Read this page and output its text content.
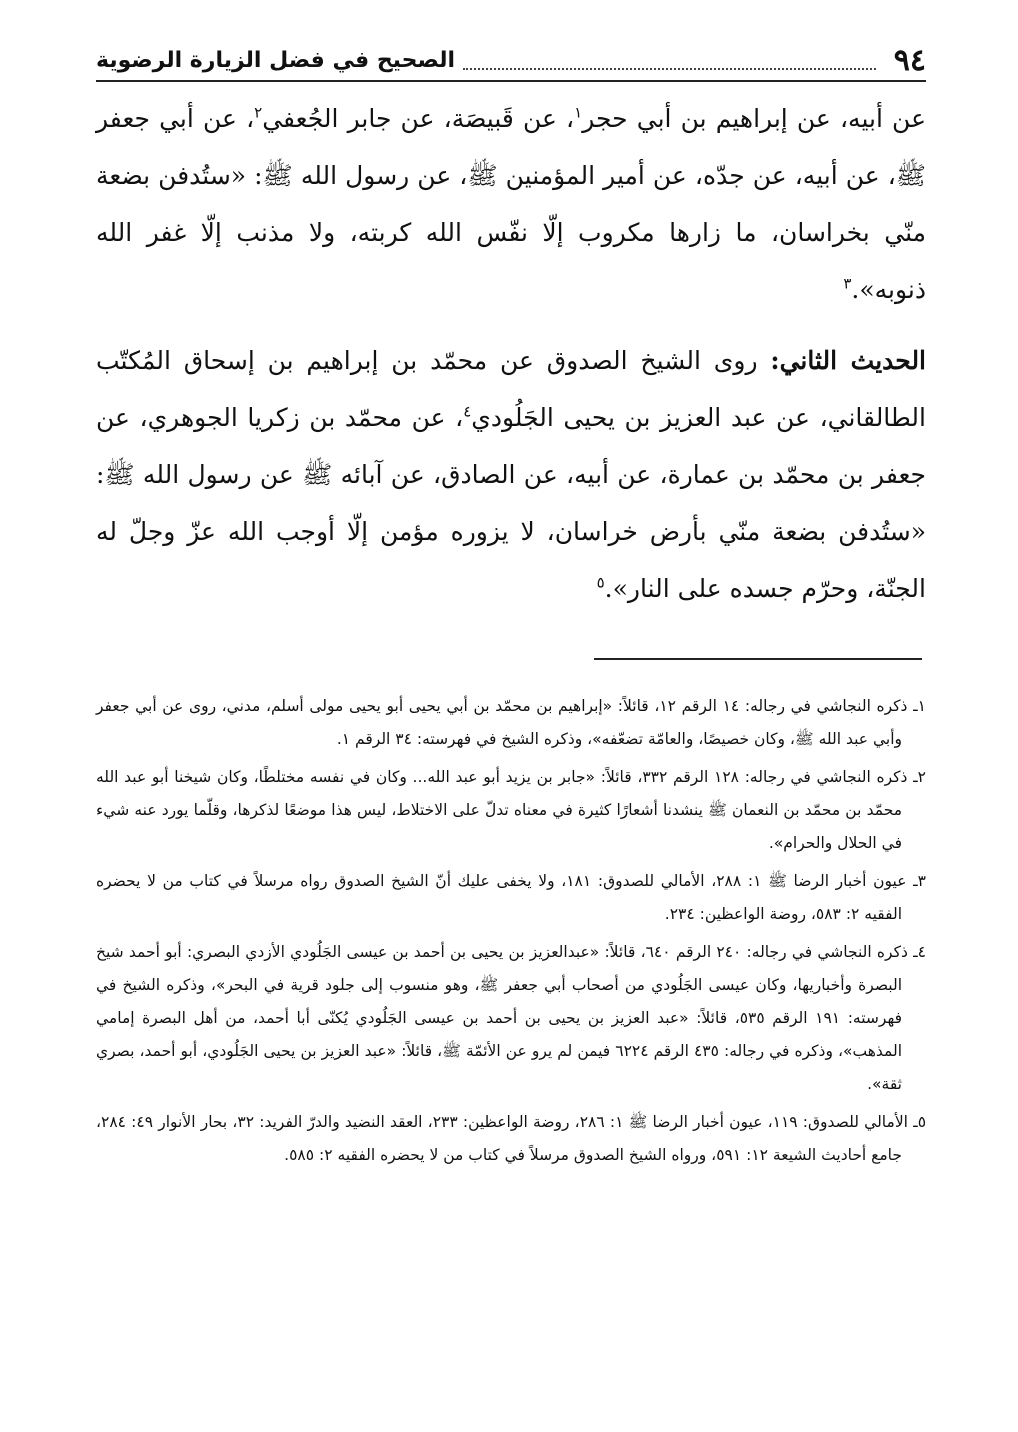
٩٤
الصحيح في فضل الزيارة الرضوية

عن أبيه، عن إبراهيم بن أبي حجر$^١$، عن قَبيصَة، عن جابر الجُعفي$^٢$، عن أبي جعفر ﷺ، عن أبيه، عن جدّه، عن أمير المؤمنين ﷺ، عن رسول الله ﷺ: «ستُدفن بضعة منّي بخراسان، ما زارها مكروب إلّا نفّس الله كربته، ولا مذنب إلّا غفر الله ذنوبه».$^٣$

الحديث الثاني: روى الشيخ الصدوق عن محمّد بن إبراهيم بن إسحاق المُكتّب الطالقاني، عن عبد العزيز بن يحيى الجَلُودي$^٤$، عن محمّد بن زكريا الجوهري، عن جعفر بن محمّد بن عمارة، عن أبيه، عن الصادق، عن آبائه ﷺ عن رسول الله ﷺ: «ستُدفن بضعة منّي بأرض خراسان، لا يزوره مؤمن إلّا أوجب الله عزّ وجلّ له الجنّة، وحرّم جسده على النار».$^٥$

١ـ ذكره النجاشي في رجاله: ١٤ الرقم ١٢، قائلاً: «إبراهيم بن محمّد بن أبي يحيى أبو يحيى مولى أسلم، مدني، روى عن أبي جعفر وأبي عبد الله ﷺ، وكان خصيصًا، والعامّة تضعّفه»، وذكره الشيخ في فهرسته: ٣٤ الرقم ١.

٢ـ ذكره النجاشي في رجاله: ١٢٨ الرقم ٣٣٢، قائلاً: «جابر بن يزيد أبو عبد الله... وكان في نفسه مختلطًا، وكان شيخنا أبو عبد الله محمّد بن محمّد بن النعمان ﷺ ينشدنا أشعارًا كثيرة في معناه تدلّ على الاختلاط، ليس هذا موضعًا لذكرها، وقلّما يورد عنه شيء في الحلال والحرام».

٣ـ عيون أخبار الرضا ﷺ ١: ٢٨٨، الأمالي للصدوق: ١٨١، ولا يخفى عليك أنّ الشيخ الصدوق رواه مرسلاً في كتاب من لا يحضره الفقيه ٢: ٥٨٣، روضة الواعظين: ٢٣٤.

٤ـ ذكره النجاشي في رجاله: ٢٤٠ الرقم ٦٤٠، قائلاً: «عبدالعزيز بن يحيى بن أحمد بن عيسى الجَلُودي الأزدي البصري: أبو أحمد شيخ البصرة وأخباريها، وكان عيسى الجَلُودي من أصحاب أبي جعفر ﷺ، وهو منسوب إلى جلود قرية في البحر»، وذكره الشيخ في فهرسته: ١٩١ الرقم ٥٣٥، قائلاً: «عبد العزيز بن يحيى بن أحمد بن عيسى الجَلُودي يُكنّى أبا أحمد، من أهل البصرة إمامي المذهب»، وذكره في رجاله: ٤٣٥ الرقم ٦٢٢٤ فيمن لم يرو عن الأئمّة ﷺ، قائلاً: «عبد العزيز بن يحيى الجَلُودي، أبو أحمد، بصري ثقة».

٥ـ الأمالي للصدوق: ١١٩، عيون أخبار الرضا ﷺ ١: ٢٨٦، روضة الواعظين: ٢٣٣، العقد النضيد والدرّ الفريد: ٣٢، بحار الأنوار ٤٩: ٢٨٤، جامع أحاديث الشيعة ١٢: ٥٩١، ورواه الشيخ الصدوق مرسلاً في كتاب من لا يحضره الفقيه ٢: ٥٨٥.
